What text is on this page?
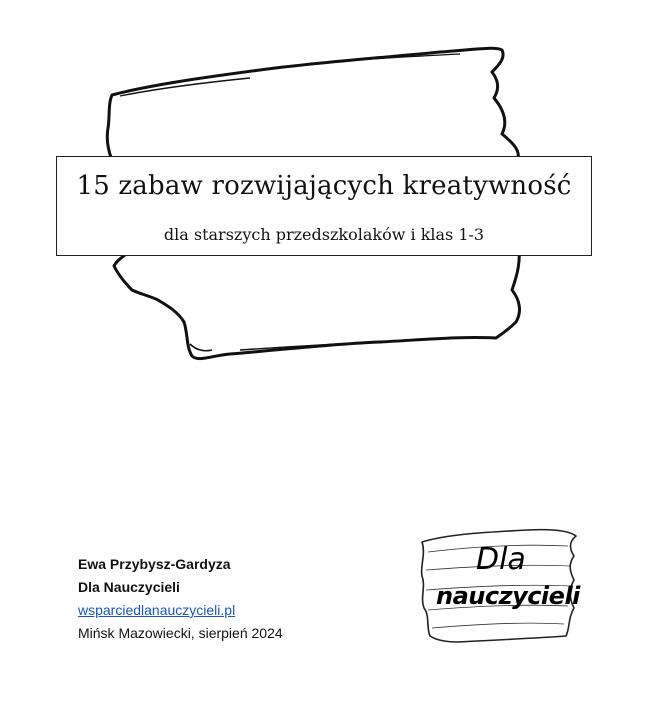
15 zabaw rozwijających kreatywność
dla starszych przedszkolaków i klas 1-3
Ewa Przybysz-Gardyza
Dla Nauczycieli
wsparciedlanauczycieli.pl
Mińsk Mazowiecki, sierpień 2024
Dla
nauczycieli
